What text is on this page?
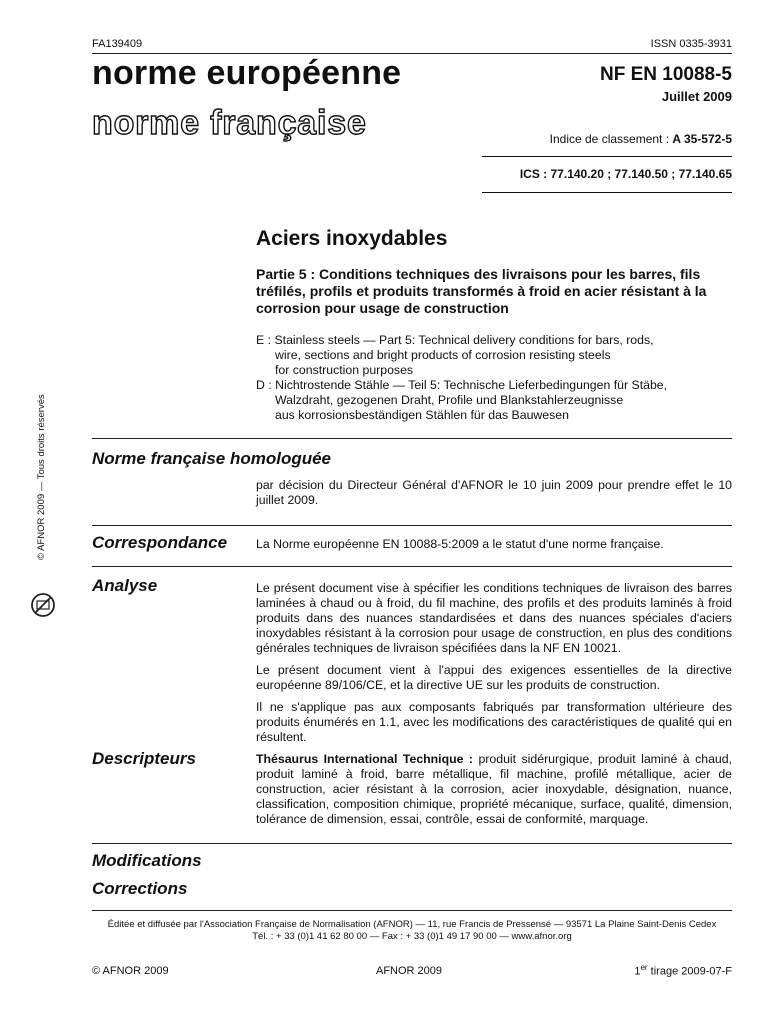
FA139409	ISSN 0335-3931
norme européenne
norme française
NF EN 10088-5
Juillet 2009
Indice de classement : A 35-572-5
ICS : 77.140.20 ; 77.140.50 ; 77.140.65
Aciers inoxydables
Partie 5 : Conditions techniques des livraisons pour les barres, fils tréfilés, profils et produits transformés à froid en acier résistant à la corrosion pour usage de construction
E : Stainless steels — Part 5: Technical delivery conditions for bars, rods,
wire, sections and bright products of corrosion resisting steels
for construction purposes
D : Nichtrostende Stähle — Teil 5: Technische Lieferbedingungen für Stäbe,
Walzdraht, gezogenen Draht, Profile und Blankstahlerzeugnisse
aus korrosionsbeständigen Stählen für das Bauwesen
© AFNOR 2009 — Tous droits réservés	Norme française homologuée
par décision du Directeur Général d'AFNOR le 10 juin 2009 pour prendre effet le 10 juillet 2009.
Correspondance La Norme européenne EN 10088-5:2009 a le statut d'une norme française.
Analyse	Le présent document vise à spécifier les conditions techniques de livraison des barres laminées à chaud ou à froid, du fil machine, des profils et des produits laminés à froid produits dans des nuances standardisées et dans des nuances spéciales d'aciers inoxydables résistant à la corrosion pour usage de construction, en plus des conditions générales techniques de livraison spécifiées dans la NF EN 10021.

Le présent document vient à l'appui des exigences essentielles de la directive européenne 89/106/CE, et la directive UE sur les produits de construction.

Il ne s'applique pas aux composants fabriqués par transformation ultérieure des produits énumérés en 1.1, avec les modifications des caractéristiques de qualité qui en résultent.

Descripteurs	Thésaurus International Technique : produit sidérurgique, produit laminé à chaud, produit laminé à froid, barre métallique, fil machine, profilé métallique, acier de construction, acier résistant à la corrosion, acier inoxydable, désignation, nuance, classification, composition chimique, propriété mécanique, surface, qualité, dimension, tolérance de dimension, essai, contrôle, essai de conformité, marquage.
Modifications
Corrections
Éditée et diffusée par l'Association Française de Normalisation (AFNOR) — 11, rue Francis de Pressensé — 93571 La Plaine Saint-Denis Cedex
Tél. : + 33 (0)1 41 62 80 00 — Fax : + 33 (0)1 49 17 90 00 — www.afnor.org
© AFNOR 2009	AFNOR 2009	1er tirage 2009-07-F
